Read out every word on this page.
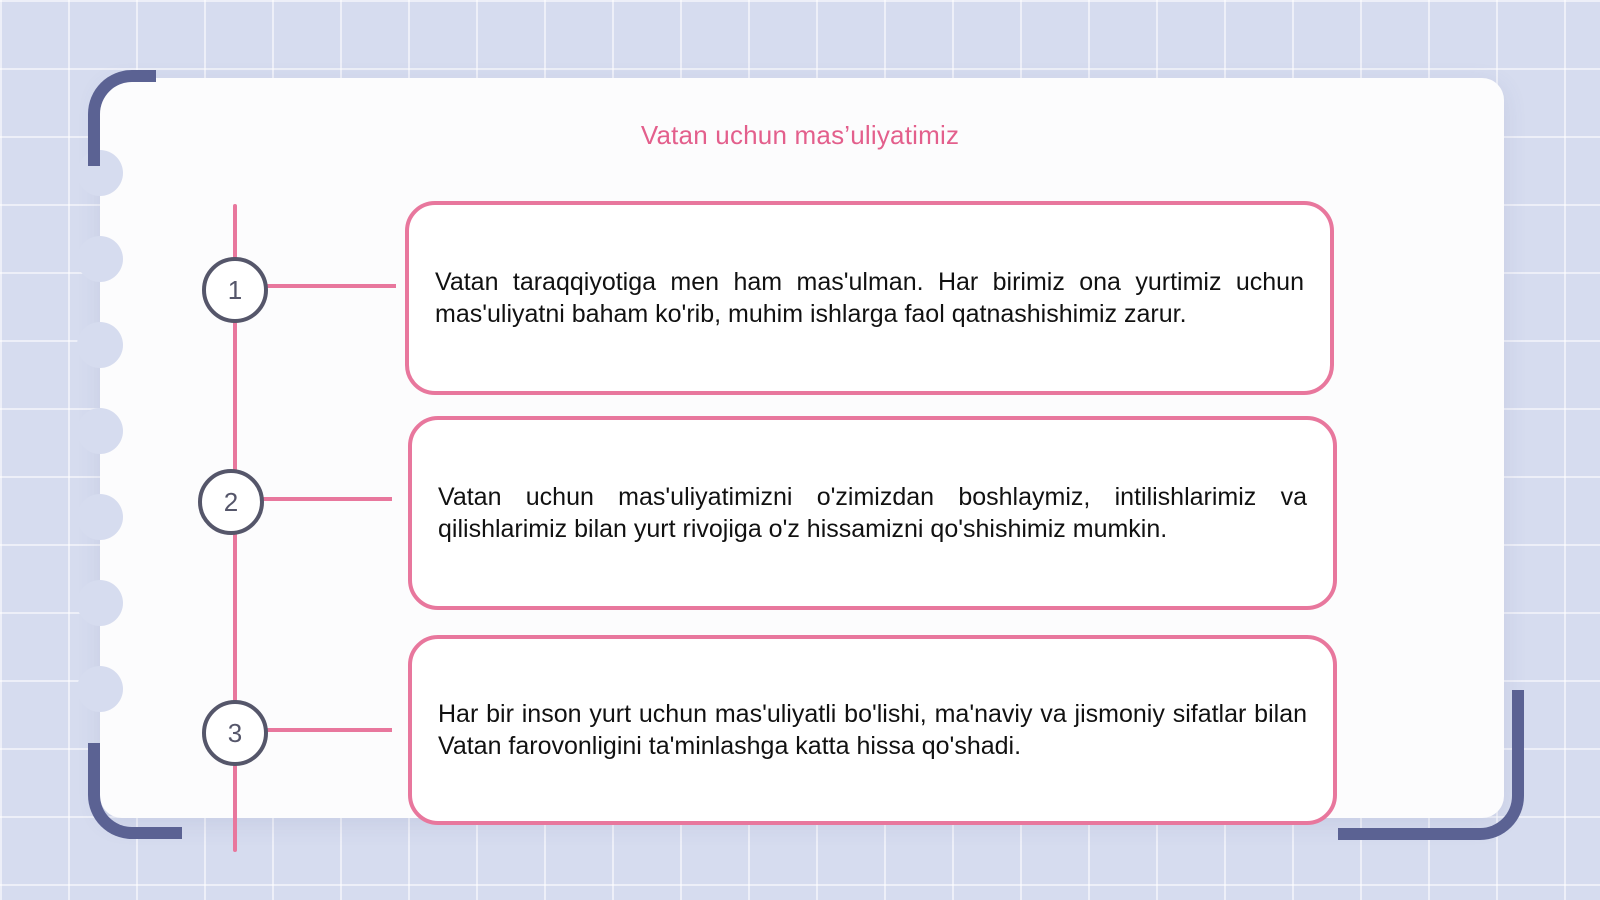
Vatan uchun mas’uliyatimiz
1	Vatan taraqqiyotiga men ham mas'ulman. Har birimiz ona yurtimiz uchun mas'uliyatni baham ko'rib, muhim ishlarga faol qatnashishimiz zarur.
2	Vatan uchun mas'uliyatimizni o'zimizdan boshlaymiz, intilishlarimiz va qilishlarimiz bilan yurt rivojiga o'z hissamizni qo'shishimiz mumkin.
3
Har bir inson yurt uchun mas'uliyatli bo'lishi, ma'naviy va jismoniy sifatlar bilan Vatan farovonligini ta'minlashga katta hissa qo'shadi.
